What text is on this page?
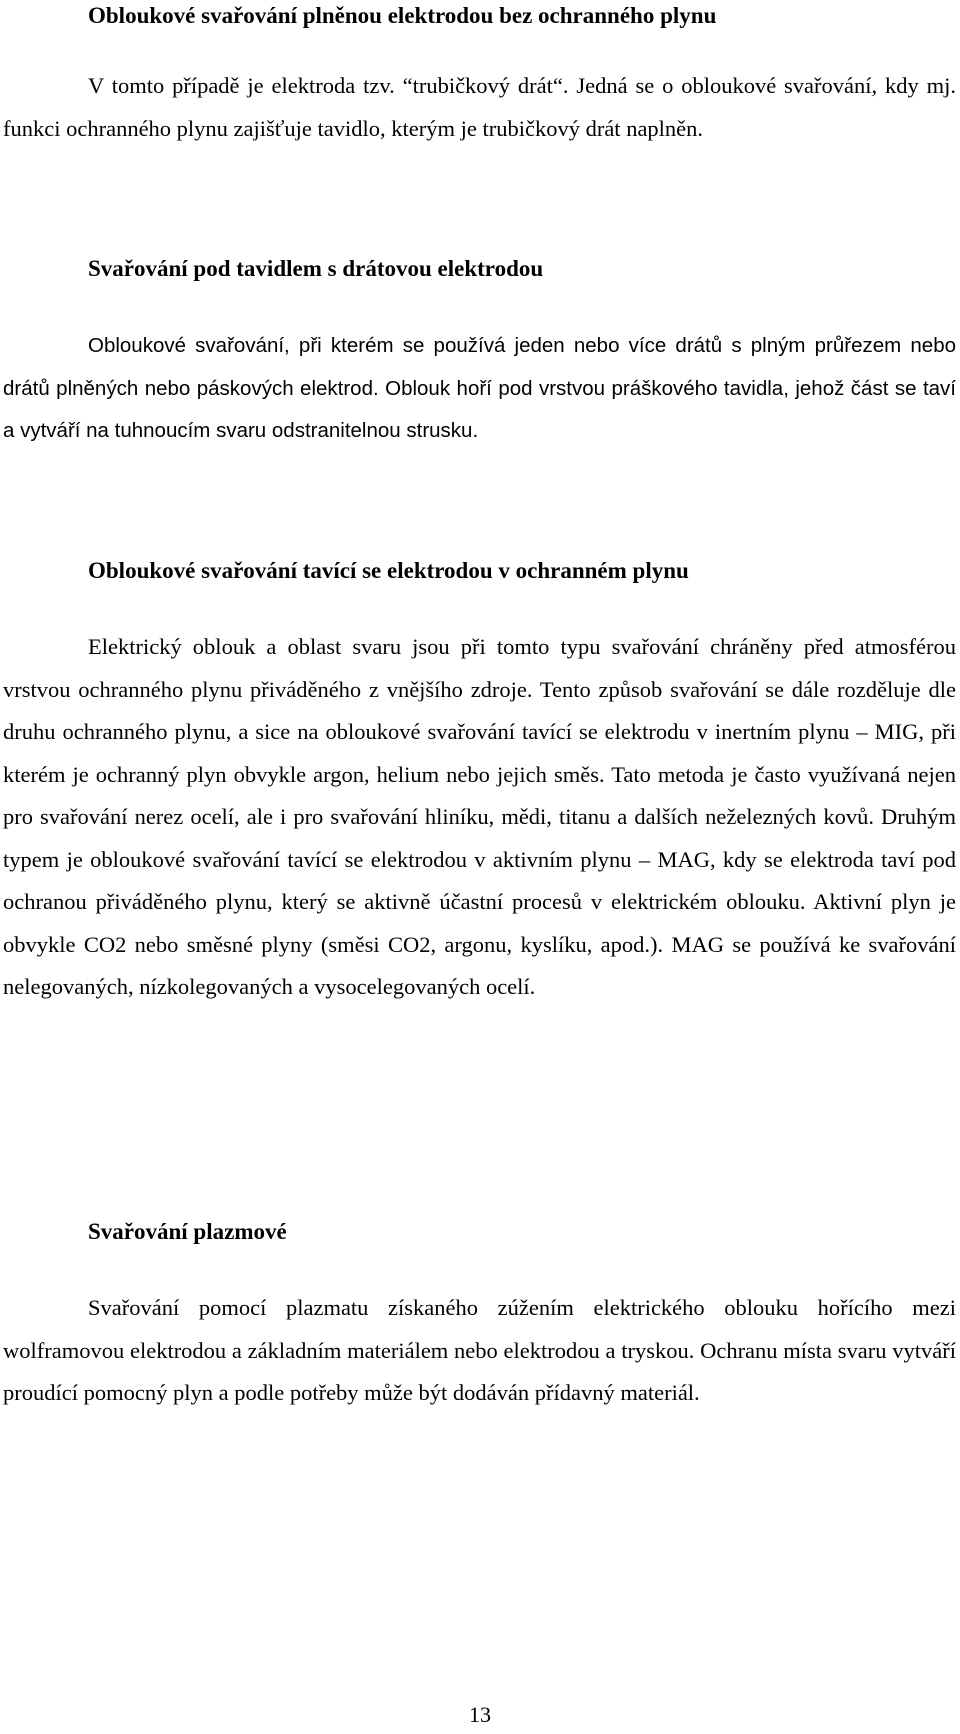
Obloukové svařování plněnou elektrodou bez ochranného plynu

V tomto případě je elektroda tzv. “trubičkový drát“. Jedná se o obloukové svařování, kdy mj. funkci ochranného plynu zajišťuje tavidlo, kterým je trubičkový drát naplněn.

Svařování pod tavidlem s drátovou elektrodou

Obloukové svařování, při kterém se používá jeden nebo více drátů s plným průřezem nebo drátů plněných nebo páskových elektrod. Oblouk hoří pod vrstvou práškového tavidla, jehož část se taví a vytváří na tuhnoucím svaru odstranitelnou strusku.

Obloukové svařování tavící se elektrodou v ochranném plynu

Elektrický oblouk a oblast svaru jsou při tomto typu svařování chráněny před atmosférou vrstvou ochranného plynu přiváděného z vnějšího zdroje. Tento způsob svařování se dále rozděluje dle druhu ochranného plynu, a sice na obloukové svařování tavící se elektrodu v inertním plynu – MIG, při kterém je ochranný plyn obvykle argon, helium nebo jejich směs. Tato metoda je často využívaná nejen pro svařování nerez ocelí, ale i pro svařování hliníku, mědi, titanu a dalších neželezných kovů. Druhým typem je obloukové svařování tavící se elektrodou v aktivním plynu – MAG, kdy se elektroda taví pod ochranou přiváděného plynu, který se aktivně účastní procesů v elektrickém oblouku. Aktivní plyn je obvykle CO2 nebo směsné plyny (směsi CO2, argonu, kyslíku, apod.). MAG se používá ke svařování nelegovaných, nízkolegovaných a vysocelegovaných ocelí.

Svařování plazmové

Svařování pomocí plazmatu získaného zúžením elektrického oblouku hořícího mezi wolframovou elektrodou a základním materiálem nebo elektrodou a tryskou. Ochranu místa svaru vytváří proudící pomocný plyn a podle potřeby může být dodáván přídavný materiál.

13
